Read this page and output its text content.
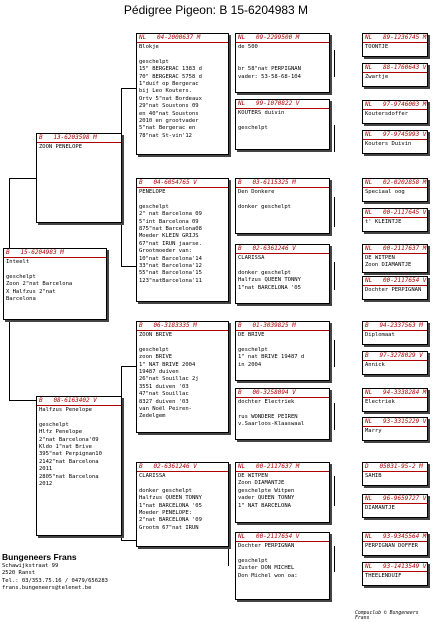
Pédigree Pigeon: B 15-6204983 M
B   15-6204983 M
Inteelt

geschelpt
Zoon 2"nat Barcelona
X Halfzus 2"nat
Barcelona
B   13-6203598 M
ZOON PENELOPE
B   08-6163402 V
Halfzus Penelope

geschelpt
Hlfz Penelope
2"nat Barcelona'09
Kldo 1"nat Brive
395"nat Perpignan10
2142"nat Barcelona
2011
2805"nat Barcelona
2012
NL   04-2000637 M
Blokje

geschelpt
15" BERGERAC 1383 d
70" BERGERAC 5758 d
1"duif op Bergerac
bij Leo Kouters.
Ortv 5"nat Bordeaux
29"nat Soustons 09
en 40"nat Soustons
2010 en grootvader
5"nat Bergerac en
78"nat St-vin'12
B   04-6054765 V
PENELOPE

geschelpt
2" nat Barcelona 09
5"int Barcelona 09
875"nat Barcelona08
Moeder KLEIN GRIJS
67"nat IRUN jaarse.
Grootmoeder van:
10"nat Barcelona'14
33"nat Barcelona'12
55"nat Barcelona'15
123"natBarcelona'11
B   06-3183335 M
ZOON BRIVE

geschelpt
zoon BRIVE
1" NAT BRIVE 2004
19487 duiven
26"nat Souillac 2j
3551 duiven '03
47"nat Souillac
8327 duiven '03
van Noël Peiren-
Zedelgem
B   02-6361246 V
CLARISSA

donker geschelpt
Halfzus QUEEN TONNY
1"nat BARCELONA '05
Moeder PENELOPE:
2"nat BARCELONA '09
Grootm 67"nat IRUN
NL   09-2299500 M
de 500

br 58"nat PERPIGNAN
vader: 53-58-68-104
NL   99-1070822 V
KOUTERS duivin

geschelpt
B   03-6115325 M
Den Donkere

donker geschelpt
B   02-6361246 V
CLARISSA

donker geschelpt
Halfzus QUEEN TONNY
1"nat BARCELONA '05
B   01-3039825 M
DE BRIVE

geschelpt
1" nat BRIVE 19487 d
in 2004
B   00-3258094 V
dochter Electriek

rus WONDERE PEIREN
v.Saarloos-Klaaswaal
NL   00-2117637 M
DE WITPEN
Zoon DIAMANTJE
geschelpte Witpen
vader QUEEN TONNY
1" NAT BARCELONA
NL   00-2117654 V
Dochter PERPIGNAN

geschelpt
Zuster DON MICHEL
Don Michel won oa:
NL   89-1236745 M
TOONTJE
NL   88-1760643 V
Zwartje
NL   97-9746003 M
Koutersdoffer
NL   97-9745993 V
Kouters Duivin
NL   02-0202858 M
Speciaal oog
NL   00-2117645 V
t' KLEINTJE
NL   00-2117637 M
DE WITPEN
Zoon DIAMANTJE
NL   00-2117654 V
Dochter PERPIGNAN
B   94-2337563 M
Diplomaat
B   97-3278029 V
Annick
NL   94-3338284 M
Electriek
NL   93-3315229 V
Marry
D   05031-95-2 M
SAHIB
NL   96-9659727 V
DIAMANTJE
NL   93-9345564 M
PERPIGNAN DOFFER
NL   93-1413549 V
THEELENDUIF
Bungeneers Frans
Schawijkstraat 99
2520 Ranst
Tel.: 03/353.75.16 / 0479/656283
frans.bungeneers@telenet.be
Compuclub © Bungeneers Frans
